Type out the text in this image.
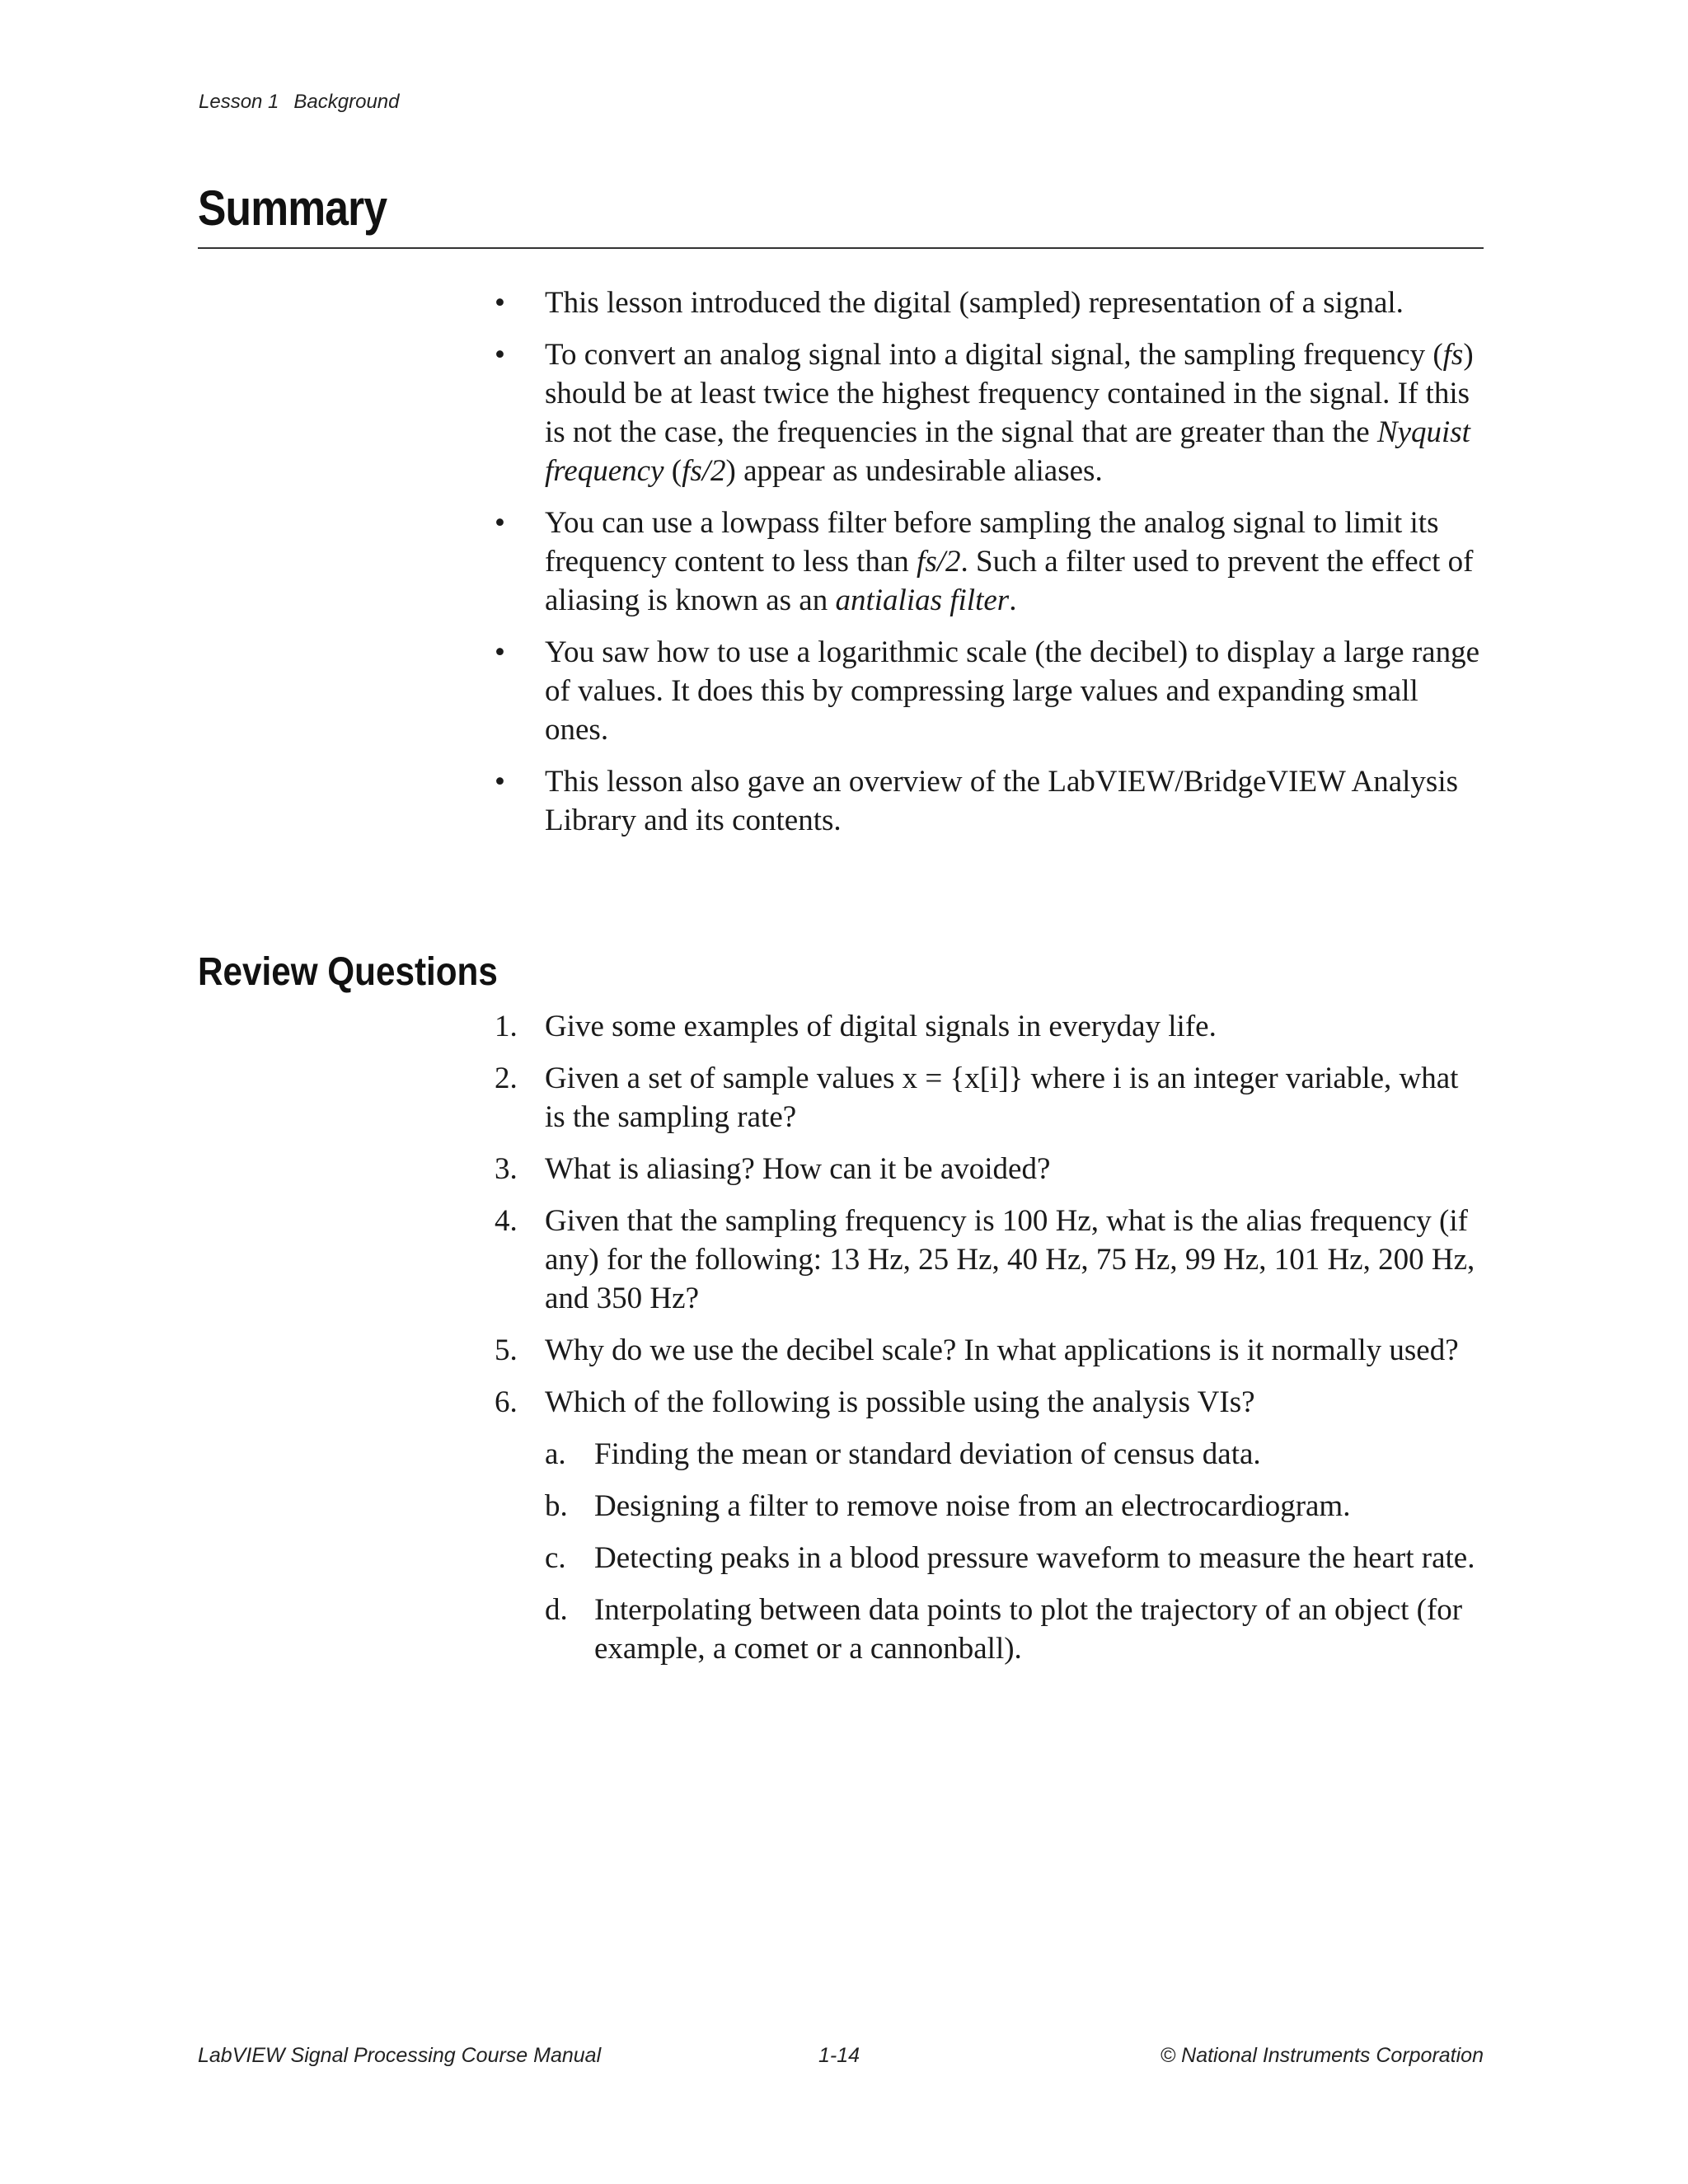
Lesson 1 Background
Summary
• This lesson introduced the digital (sampled) representation of a signal.
• To convert an analog signal into a digital signal, the sampling frequency (fs) should be at least twice the highest frequency contained in the signal. If this is not the case, the frequencies in the signal that are greater than the Nyquist frequency (fs/2) appear as undesirable aliases.
• You can use a lowpass filter before sampling the analog signal to limit its frequency content to less than fs/2. Such a filter used to prevent the effect of aliasing is known as an antialias filter.
• You saw how to use a logarithmic scale (the decibel) to display a large range of values. It does this by compressing large values and expanding small ones.
• This lesson also gave an overview of the LabVIEW/BridgeVIEW Analysis Library and its contents.
Review Questions
1. Give some examples of digital signals in everyday life.
2. Given a set of sample values x = {x[i]} where i is an integer variable, what is the sampling rate?
3. What is aliasing? How can it be avoided?
4. Given that the sampling frequency is 100 Hz, what is the alias frequency (if any) for the following: 13 Hz, 25 Hz, 40 Hz, 75 Hz, 99 Hz, 101 Hz, 200 Hz, and 350 Hz?
5. Why do we use the decibel scale? In what applications is it normally used?
6. Which of the following is possible using the analysis VIs?
a. Finding the mean or standard deviation of census data.
b. Designing a filter to remove noise from an electrocardiogram.
c. Detecting peaks in a blood pressure waveform to measure the heart rate.
d. Interpolating between data points to plot the trajectory of an object (for example, a comet or a cannonball).
LabVIEW Signal Processing Course Manual	1-14	© National Instruments Corporation
